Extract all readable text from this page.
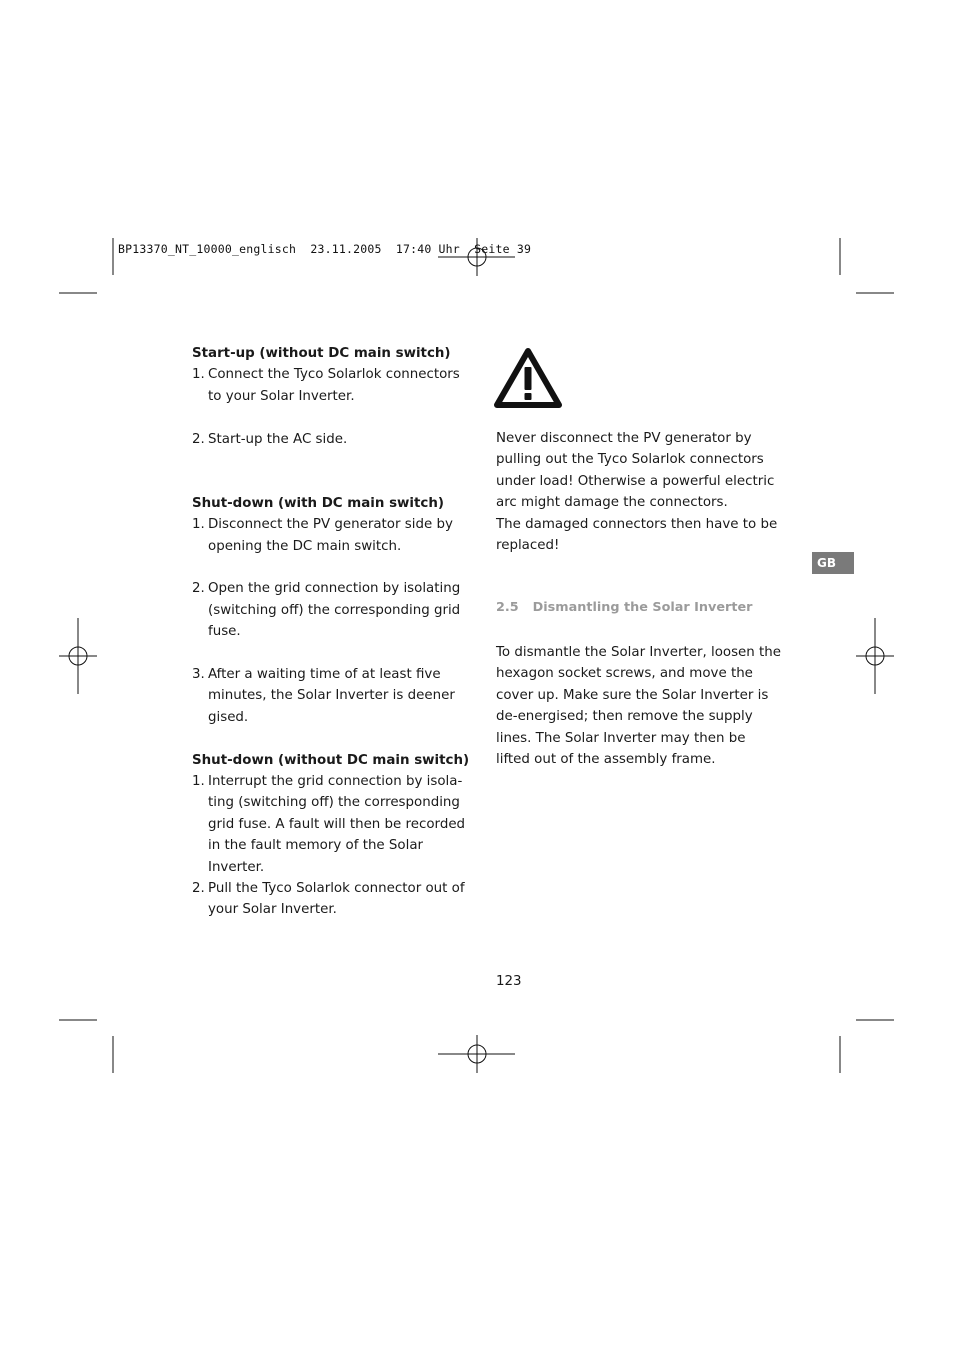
BP13370_NT_10000_englisch  23.11.2005  17:40 Uhr  Seite 39

Start-up (without DC main switch)

1. Connect the Tyco Solarlok connectors to your Solar Inverter.
2. Start-up the AC side.

Shut-down (with DC main switch)

1. Disconnect the PV generator side by opening the DC main switch.
2. Open the grid connection by isolating (switching off) the corresponding grid fuse.
3. After a waiting time of at least five minutes, the Solar Inverter is deener gised.

Shut-down (without DC main switch)

1. Interrupt the grid connection by isola- ting (switching off) the corresponding grid fuse. A fault will then be recorded in the fault memory of the Solar Inverter.
2. Pull the Tyco Solarlok connector out of your Solar Inverter.

Never disconnect the PV generator by pulling out the Tyco Solarlok connectors under load! Otherwise a powerful electric arc might damage the connectors.

The damaged connectors then have to be replaced!

2.5 Dismantling the Solar Inverter

To dismantle the Solar Inverter, loosen the hexagon socket screws, and move the cover up. Make sure the Solar Inverter is de-energised; then remove the supply lines. The Solar Inverter may then be lifted out of the assembly frame.

GB
123
